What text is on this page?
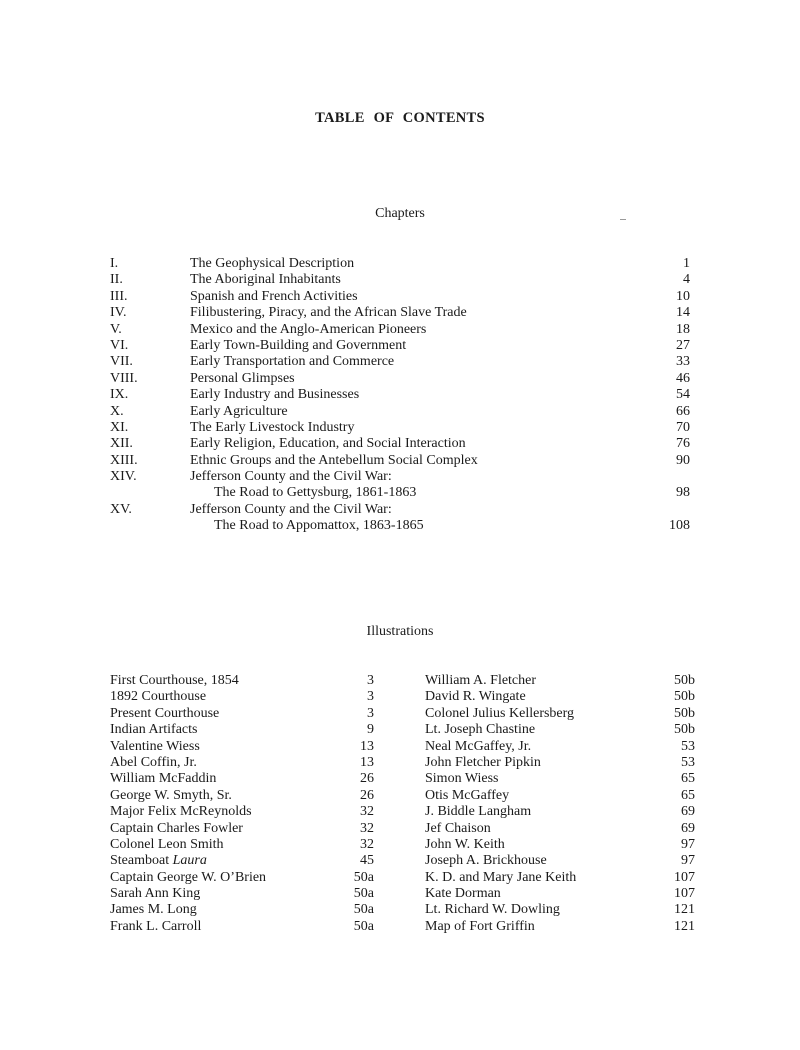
TABLE OF CONTENTS
Chapters
I.	The Geophysical Description	1
II.	The Aboriginal Inhabitants	4
III.	Spanish and French Activities	10
IV.	Filibustering, Piracy, and the African Slave Trade	14
V.	Mexico and the Anglo-American Pioneers	18
VI.	Early Town-Building and Government	27
VII.	Early Transportation and Commerce	33
VIII.	Personal Glimpses	46
IX.	Early Industry and Businesses	54
X.	Early Agriculture	66
XI.	The Early Livestock Industry	70
XII.	Early Religion, Education, and Social Interaction	76
XIII.	Ethnic Groups and the Antebellum Social Complex	90
XIV.	Jefferson County and the Civil War:
The Road to Gettysburg, 1861-1863	98
XV.	Jefferson County and the Civil War:
The Road to Appomattox, 1863-1865	108
Illustrations
First Courthouse, 1854	3
1892 Courthouse	3
Present Courthouse	3
Indian Artifacts	9
Valentine Wiess	13
Abel Coffin, Jr.	13
William McFaddin	26
George W. Smyth, Sr.	26
Major Felix McReynolds	32
Captain Charles Fowler	32
Colonel Leon Smith	32
Steamboat Laura	45
Captain George W. O’Brien	50a
Sarah Ann King	50a
James M. Long	50a
Frank L. Carroll	50a
William A. Fletcher	50b
David R. Wingate	50b
Colonel Julius Kellersberg	50b
Lt. Joseph Chastine	50b
Neal McGaffey, Jr.	53
John Fletcher Pipkin	53
Simon Wiess	65
Otis McGaffey	65
J. Biddle Langham	69
Jef Chaison	69
John W. Keith	97
Joseph A. Brickhouse	97
K. D. and Mary Jane Keith	107
Kate Dorman	107
Lt. Richard W. Dowling	121
Map of Fort Griffin	121
